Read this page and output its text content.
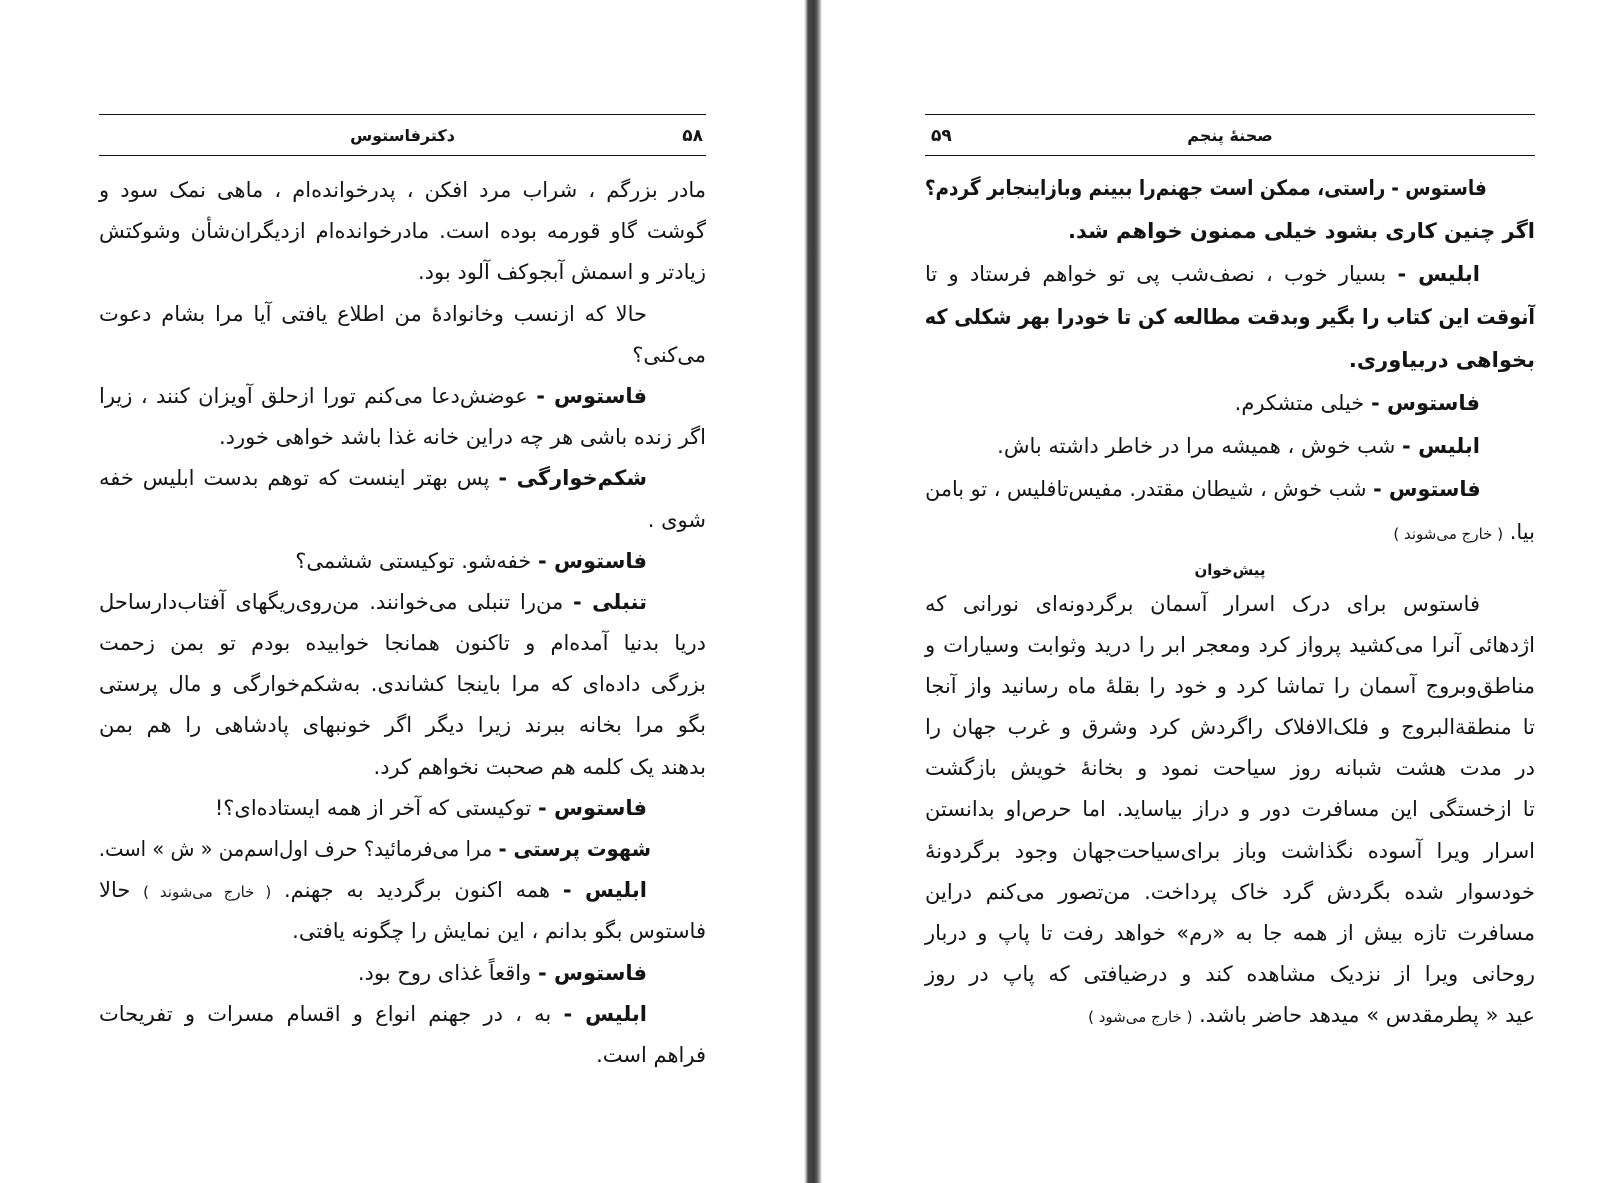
۵۸
دکترفاستوس
مادر بزرگم ، شراب مرد افکن ، پدرخوانده‌ام ، ماهی نمک سود و
گوشت گاو قورمه بوده است. مادرخوانده‌ام ازدیگران‌شأن وشوکتش
زیادتر و اسمش آبجوکف آلود بود.
حالا که ازنسب وخانوادهٔ من اطلاع یافتی آیا مرا بشام دعوت
می‌کنی؟
فاستوس - عوضش‌دعا می‌کنم تورا ازحلق آویزان کنند ، زیرا
اگر زنده باشی هر چه دراین خانه غذا باشد خواهی خورد.
شکم‌خوارگی - پس بهتر اینست که توهم بدست ابلیس خفه
شوی .
فاستوس - خفه‌شو. توکیستی ششمی؟
تنبلی - من‌را تنبلی می‌خوانند. من‌روی‌ریگهای آفتاب‌دارساحل
دریا بدنیا آمده‌ام و تاکنون همانجا خوابیده بودم تو بمن زحمت
بزرگی داده‌ای که مرا باینجا کشاندی. به‌شکم‌خوارگی و مال پرستی
بگو مرا بخانه ببرند زیرا دیگر اگر خونبهای پادشاهی را هم بمن
بدهند یک کلمه هم صحبت نخواهم کرد.
فاستوس - توکیستی که آخر از همه ایستاده‌ای؟!
شهوت پرستی - مرا می‌فرمائید؟ حرف اول‌اسم‌من « ش » است.
ابلیس - همه اکنون برگردید به جهنم. ( خارج می‌شوند ) حالا
فاستوس بگو بدانم ، این نمایش را چگونه یافتی.
فاستوس - واقعاً غذای روح بود.
ابلیس - به ، در جهنم انواع و اقسام مسرات و تفریحات
فراهم است.
۵۹	صحنهٔ پنجم
فاستوس - راستی، ممکن است جهنم‌را ببینم وبازاینجابر گردم؟
اگر چنین کاری بشود خیلی ممنون خواهم شد.
ابلیس - بسیار خوب ، نصف‌شب پی تو خواهم فرستاد و تا
آنوقت این کتاب را بگیر وبدقت مطالعه کن تا خودرا بهر شکلی که
بخواهی دربیاوری.
فاستوس - خیلی متشکرم.
ابلیس - شب خوش ، همیشه مرا در خاطر داشته باش.
فاستوس - شب خوش ، شیطان مقتدر. مفیس‌تافلیس ، تو بامن
بیا. ( خارج می‌شوند )
پیش‌خوان
فاستوس برای درک اسرار آسمان برگردونه‌ای نورانی که
اژدهائی آنرا می‌کشید پرواز کرد ومعجر ابر را درید وثوابت وسیارات و
مناطق‌وبروج آسمان را تماشا کرد و خود را بقلهٔ ماه رسانید واز آنجا
تا منطقةالبروج و فلک‌الافلاک راگردش کرد وشرق و غرب جهان را
در مدت هشت شبانه روز سیاحت نمود و بخانهٔ خویش بازگشت
تا ازخستگی این مسافرت دور و دراز بیاساید. اما حرص‌او بدانستن
اسرار ویرا آسوده نگذاشت وباز برای‌سیاحت‌جهان وجود برگردونهٔ
خودسوار شده بگردش گرد خاک پرداخت. من‌تصور می‌کنم دراین
مسافرت تازه بیش از همه جا به «رم» خواهد رفت تا پاپ و دربار
روحانی ویرا از نزدیک مشاهده کند و درضیافتی که پاپ در روز
عید « پطرمقدس » میدهد حاضر باشد. ( خارج می‌شود )
